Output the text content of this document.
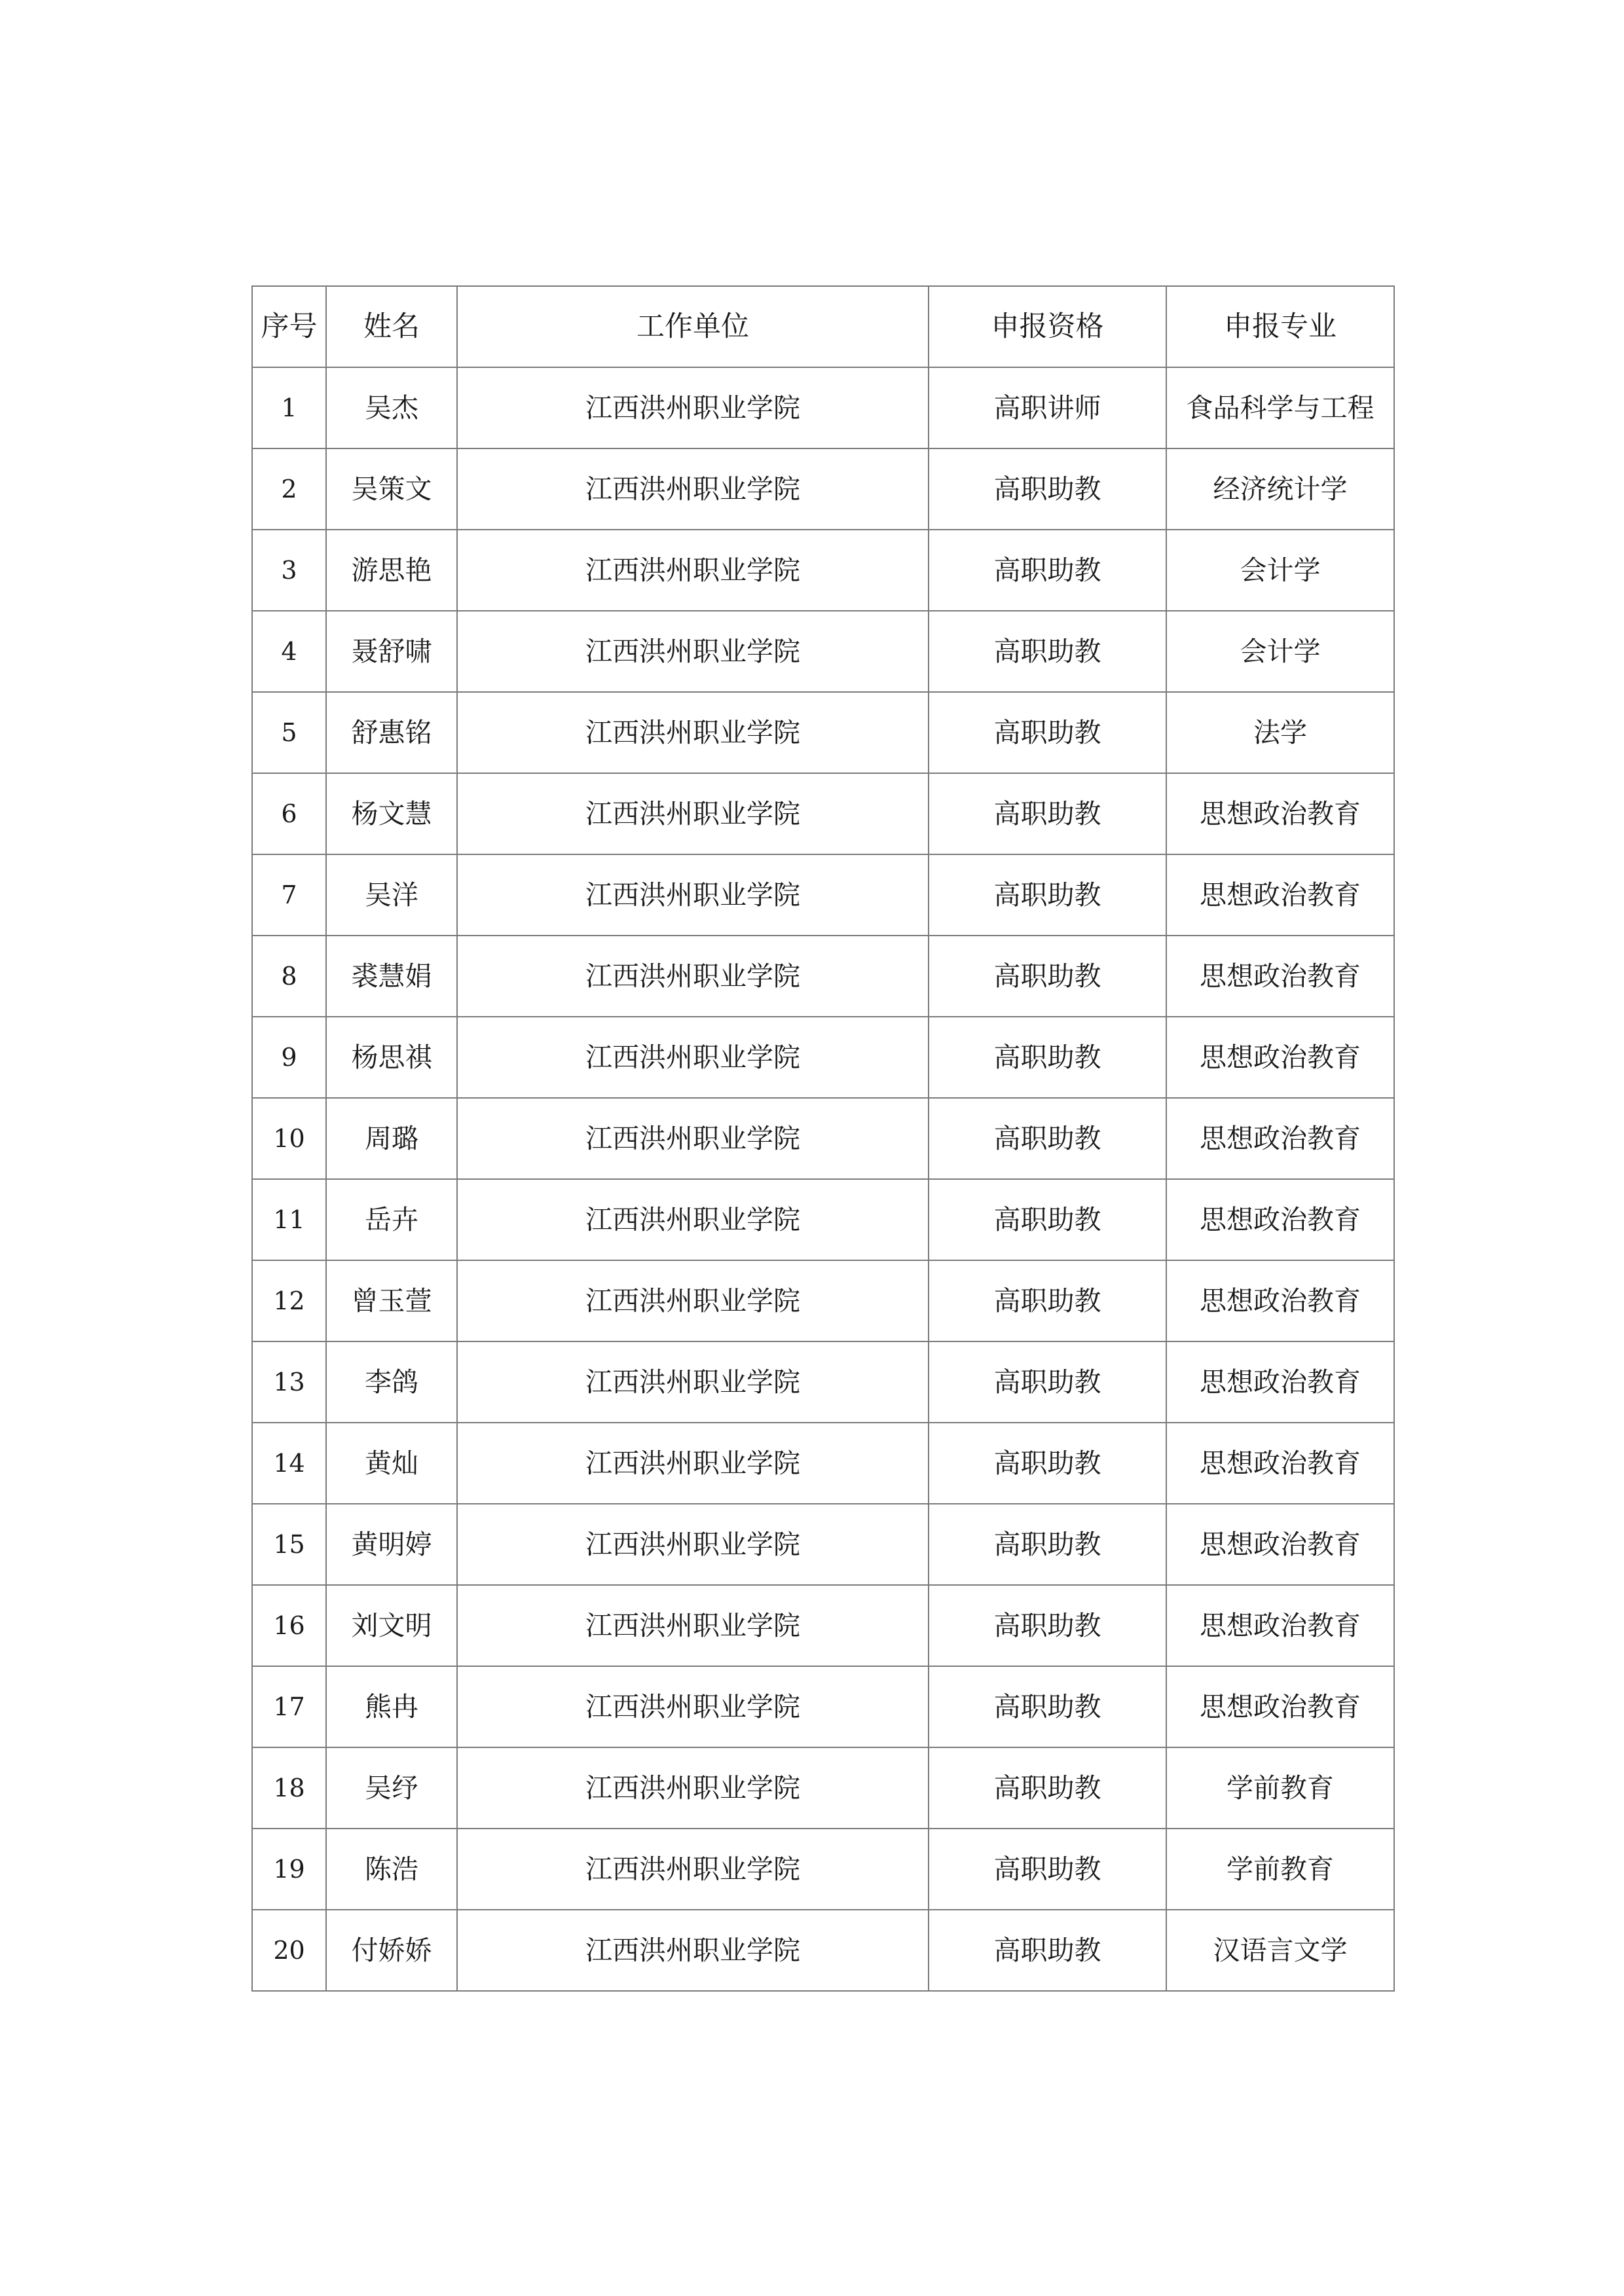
序号	姓名	工作单位	申报资格	申报专业
1	吴杰	江西洪州职业学院	高职讲师	食品科学与工程
2	吴策文	江西洪州职业学院	高职助教	经济统计学
3	游思艳	江西洪州职业学院	高职助教	会计学
4	聂舒啸	江西洪州职业学院	高职助教	会计学
5	舒惠铭	江西洪州职业学院	高职助教	法学
6	杨文慧	江西洪州职业学院	高职助教	思想政治教育
7	吴洋	江西洪州职业学院	高职助教	思想政治教育
8	裘慧娟	江西洪州职业学院	高职助教	思想政治教育
9	杨思祺	江西洪州职业学院	高职助教	思想政治教育
10	周璐	江西洪州职业学院	高职助教	思想政治教育
11	岳卉	江西洪州职业学院	高职助教	思想政治教育
12	曾玉萱	江西洪州职业学院	高职助教	思想政治教育
13	李鸽	江西洪州职业学院	高职助教	思想政治教育
14	黄灿	江西洪州职业学院	高职助教	思想政治教育
15	黄明婷	江西洪州职业学院	高职助教	思想政治教育
16	刘文明	江西洪州职业学院	高职助教	思想政治教育
17	熊冉	江西洪州职业学院	高职助教	思想政治教育
18	吴纾	江西洪州职业学院	高职助教	学前教育
19	陈浩	江西洪州职业学院	高职助教	学前教育
20	付娇娇	江西洪州职业学院	高职助教	汉语言文学
